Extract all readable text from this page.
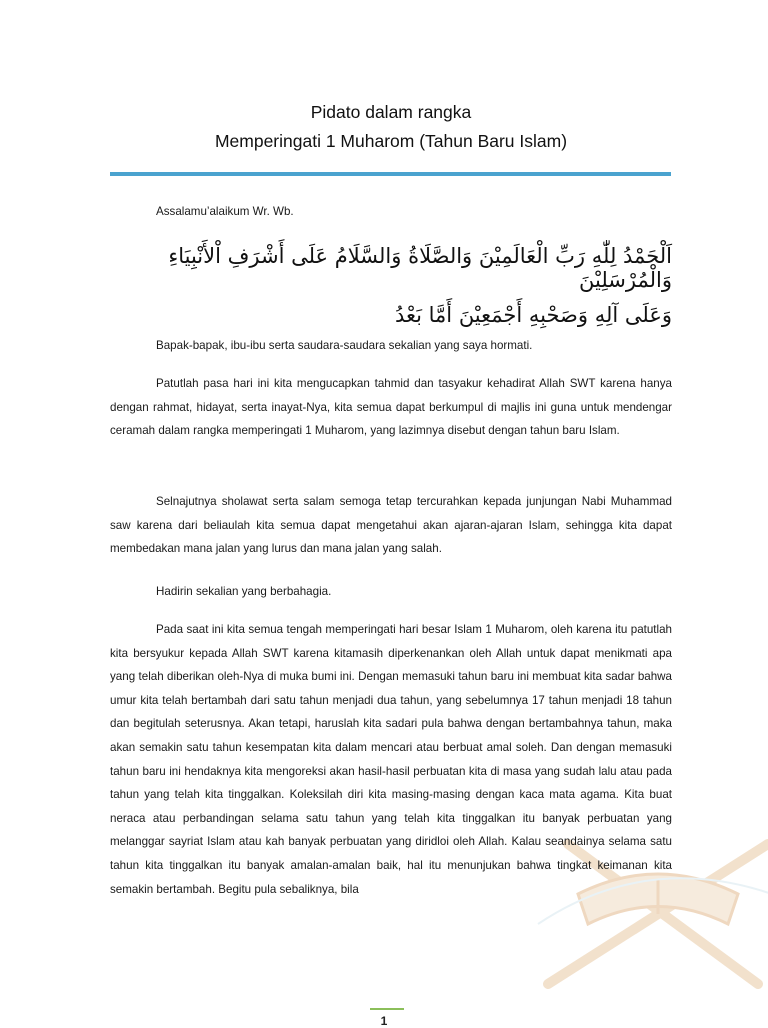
Pidato dalam rangka
Memperingati 1 Muharom (Tahun Baru Islam)
Assalamu’alaikum Wr. Wb.
اَلْحَمْدُ لِلّٰهِ رَبِّ الْعَالَمِيْنَ وَالصَّلَاةُ وَالسَّلَامُ عَلَى أَشْرَفِ اْلأَنْبِيَاءِ وَالْمُرْسَلِيْنَ
وَعَلَى آلِهِ وَصَحْبِهِ أَجْمَعِيْنَ أَمَّا بَعْدُ

Bapak-bapak, ibu-ibu serta saudara-saudara sekalian yang saya hormati.

Patutlah pasa hari ini kita mengucapkan tahmid dan tasyakur kehadirat Allah SWT karena hanya dengan rahmat, hidayat, serta inayat-Nya, kita semua dapat berkumpul di majlis ini guna untuk mendengar ceramah dalam rangka memperingati 1 Muharom, yang lazimnya disebut dengan tahun baru Islam.

Selnajutnya sholawat serta salam semoga tetap tercurahkan kepada junjungan Nabi Muhammad saw karena dari beliaulah kita semua dapat mengetahui akan ajaran-ajaran Islam, sehingga kita dapat membedakan mana jalan yang lurus dan mana jalan yang salah.

Hadirin sekalian yang berbahagia.

Pada saat ini kita semua tengah memperingati hari besar Islam 1 Muharom, oleh karena itu patutlah kita bersyukur kepada Allah SWT karena kitamasih diperkenankan oleh Allah untuk dapat menikmati apa yang telah diberikan oleh-Nya di muka bumi ini. Dengan memasuki tahun baru ini membuat kita sadar bahwa umur kita telah bertambah dari satu tahun menjadi dua tahun, yang sebelumnya 17 tahun menjadi 18 tahun dan begitulah seterusnya. Akan tetapi, haruslah kita sadari pula bahwa dengan bertambahnya tahun, maka akan semakin satu tahun kesempatan kita dalam mencari atau berbuat amal soleh. Dan dengan memasuki tahun baru ini hendaknya kita mengoreksi akan hasil-hasil perbuatan kita di masa yang sudah lalu atau pada tahun yang telah kita tinggalkan. Koleksilah diri kita masing-masing dengan kaca mata agama. Kita buat neraca atau perbandingan selama satu tahun yang telah kita tinggalkan itu banyak perbuatan yang melanggar sayriat Islam atau kah banyak perbuatan yang diridloi oleh Allah. Kalau seandainya selama satu tahun kita tinggalkan itu banyak amalan-amalan baik, hal itu menunjukan bahwa tingkat keimanan kita semakin bertambah. Begitu pula sebaliknya, bila

1
